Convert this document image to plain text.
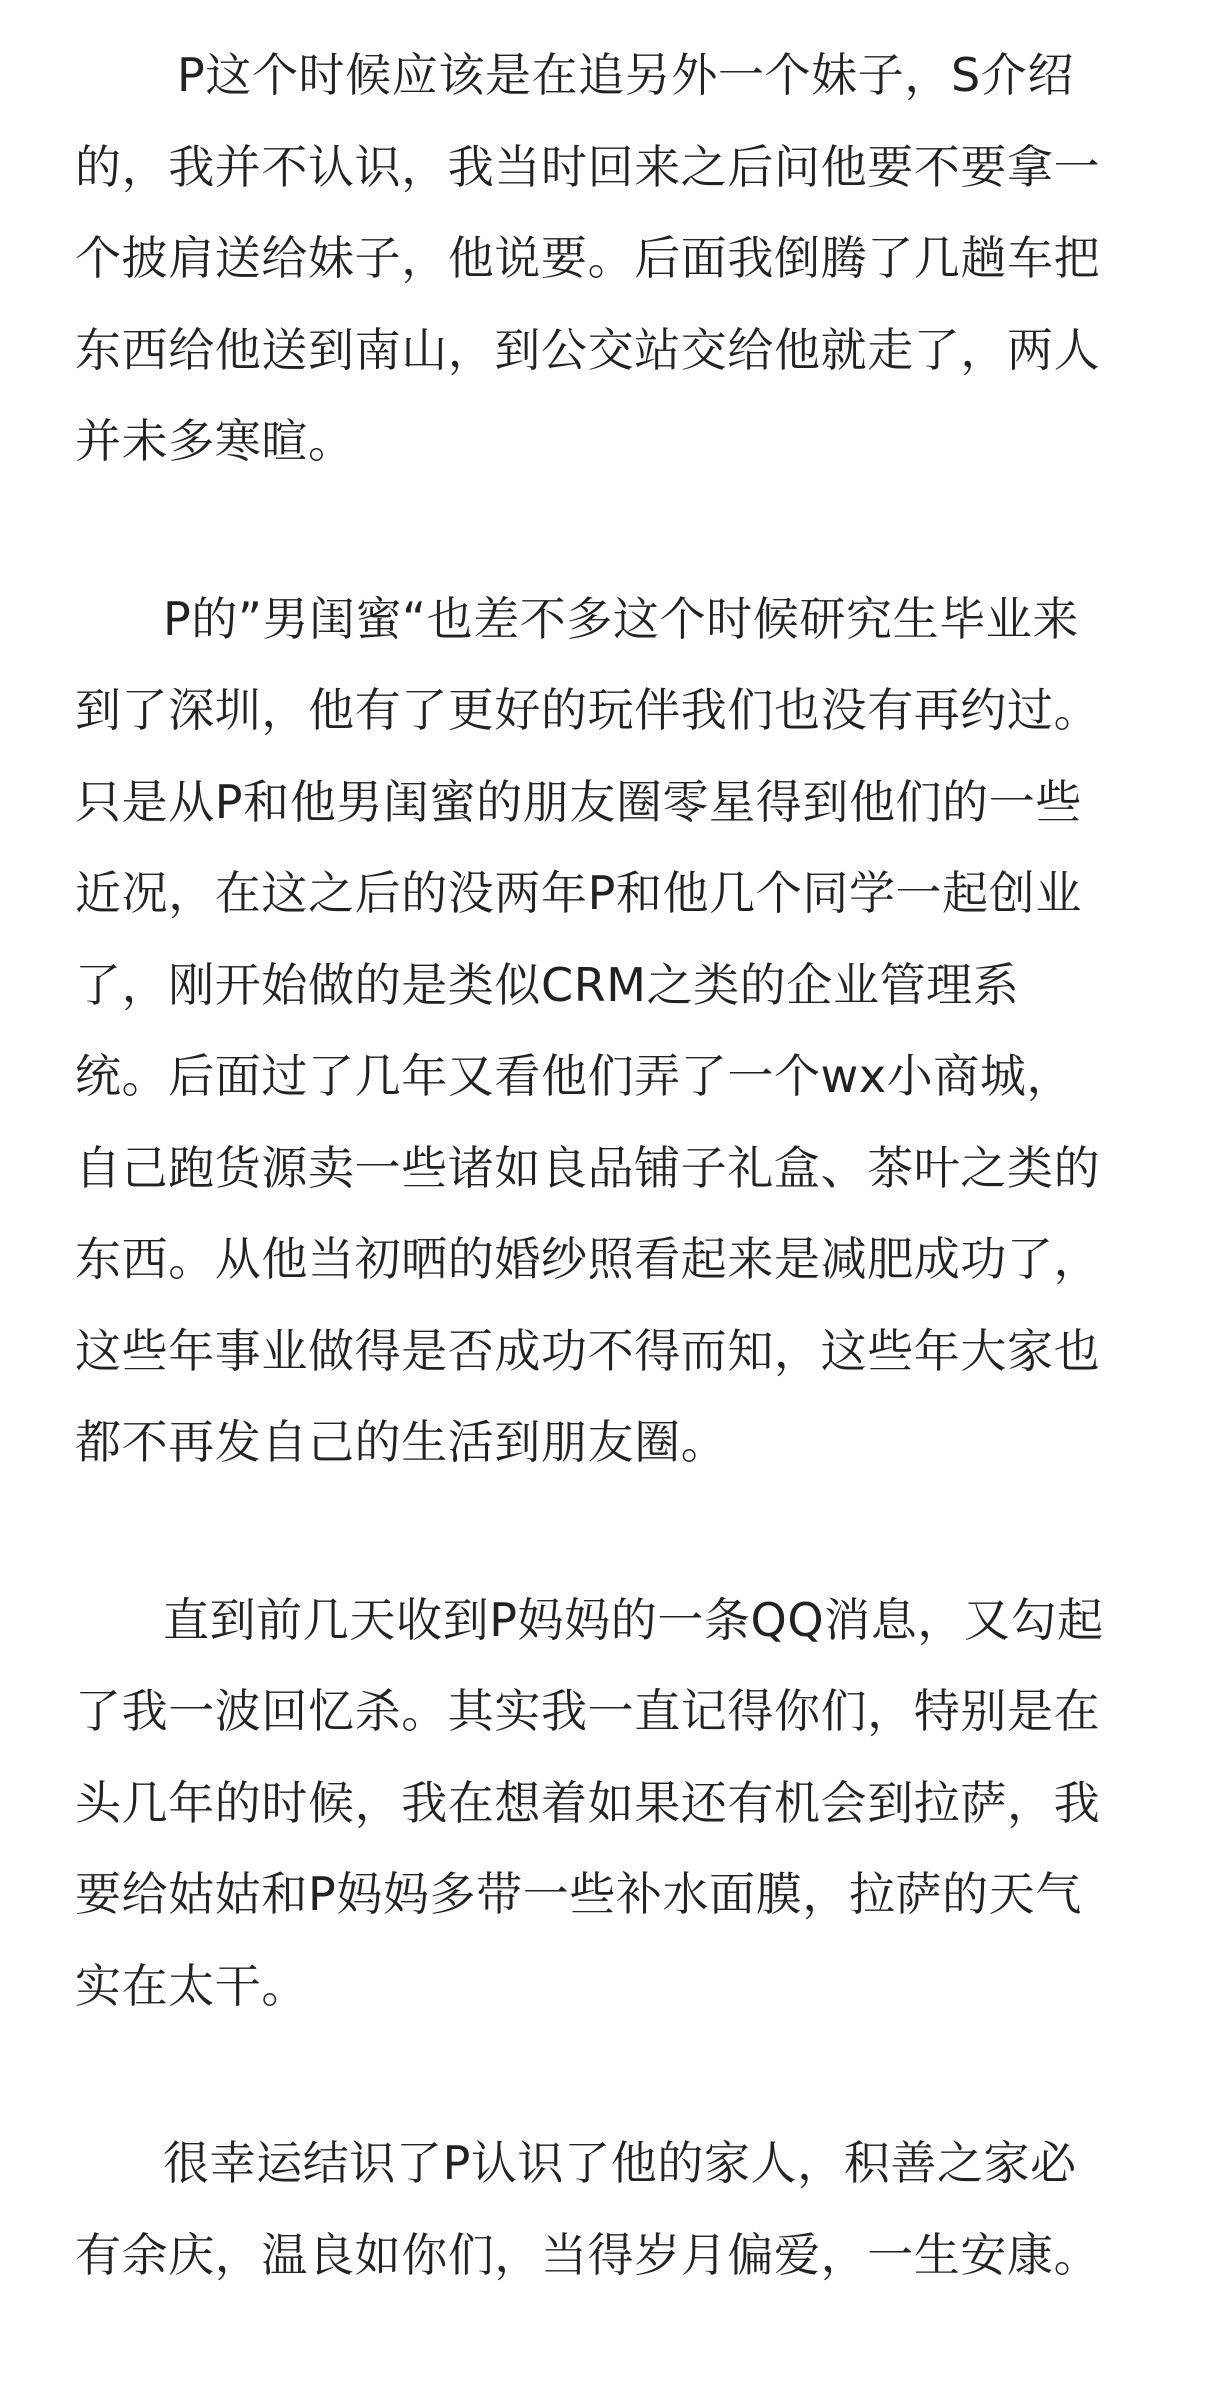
P这个时候应该是在追另外一个妹子，S介绍
的，我并不认识，我当时回来之后问他要不要拿一
个披肩送给妹子，他说要。后面我倒腾了几趟车把
东西给他送到南山，到公交站交给他就走了，两人
并未多寒暄。
P的”男闺蜜“也差不多这个时候研究生毕业来
到了深圳，他有了更好的玩伴我们也没有再约过。
只是从P和他男闺蜜的朋友圈零星得到他们的一些
近况，在这之后的没两年P和他几个同学一起创业
了，刚开始做的是类似CRM之类的企业管理系
统。后面过了几年又看他们弄了一个wx小商城，
自己跑货源卖一些诸如良品铺子礼盒、茶叶之类的
东西。从他当初晒的婚纱照看起来是减肥成功了，
这些年事业做得是否成功不得而知，这些年大家也
都不再发自己的生活到朋友圈。
直到前几天收到P妈妈的一条QQ消息，又勾起
了我一波回忆杀。其实我一直记得你们，特别是在
头几年的时候，我在想着如果还有机会到拉萨，我
要给姑姑和P妈妈多带一些补水面膜，拉萨的天气
实在太干。
很幸运结识了P认识了他的家人，积善之家必
有余庆，温良如你们，当得岁月偏爱，一生安康。
